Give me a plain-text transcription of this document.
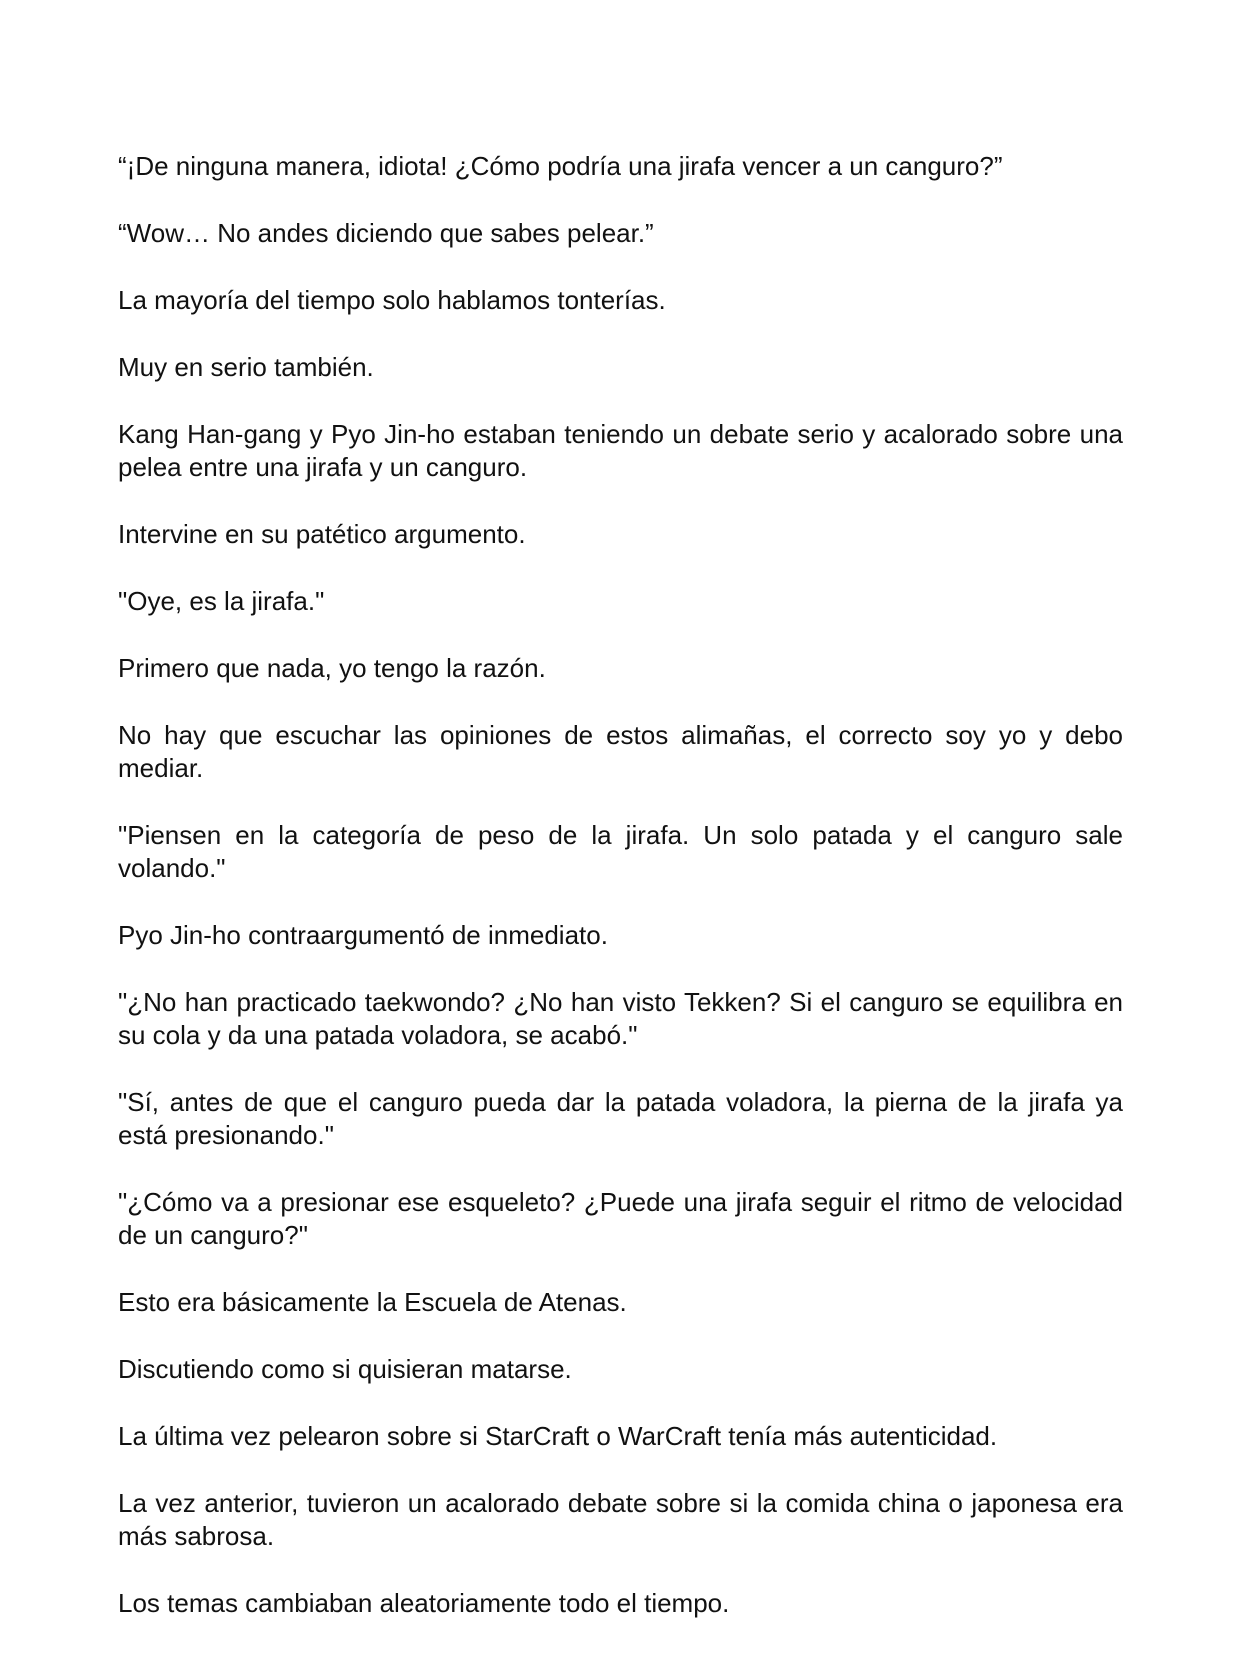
“¡De ninguna manera, idiota! ¿Cómo podría una jirafa vencer a un canguro?”

“Wow… No andes diciendo que sabes pelear.”

La mayoría del tiempo solo hablamos tonterías.

Muy en serio también.

Kang Han-gang y Pyo Jin-ho estaban teniendo un debate serio y acalorado sobre una pelea entre una jirafa y un canguro.

Intervine en su patético argumento.

"Oye, es la jirafa."

Primero que nada, yo tengo la razón.

No hay que escuchar las opiniones de estos alimañas, el correcto soy yo y debo mediar.

"Piensen en la categoría de peso de la jirafa. Un solo patada y el canguro sale volando."

Pyo Jin-ho contraargumentó de inmediato.

"¿No han practicado taekwondo? ¿No han visto Tekken? Si el canguro se equilibra en su cola y da una patada voladora, se acabó."

"Sí, antes de que el canguro pueda dar la patada voladora, la pierna de la jirafa ya está presionando."

"¿Cómo va a presionar ese esqueleto? ¿Puede una jirafa seguir el ritmo de velocidad de un canguro?"

Esto era básicamente la Escuela de Atenas.

Discutiendo como si quisieran matarse.

La última vez pelearon sobre si StarCraft o WarCraft tenía más autenticidad.

La vez anterior, tuvieron un acalorado debate sobre si la comida china o japonesa era más sabrosa.

Los temas cambiaban aleatoriamente todo el tiempo.
